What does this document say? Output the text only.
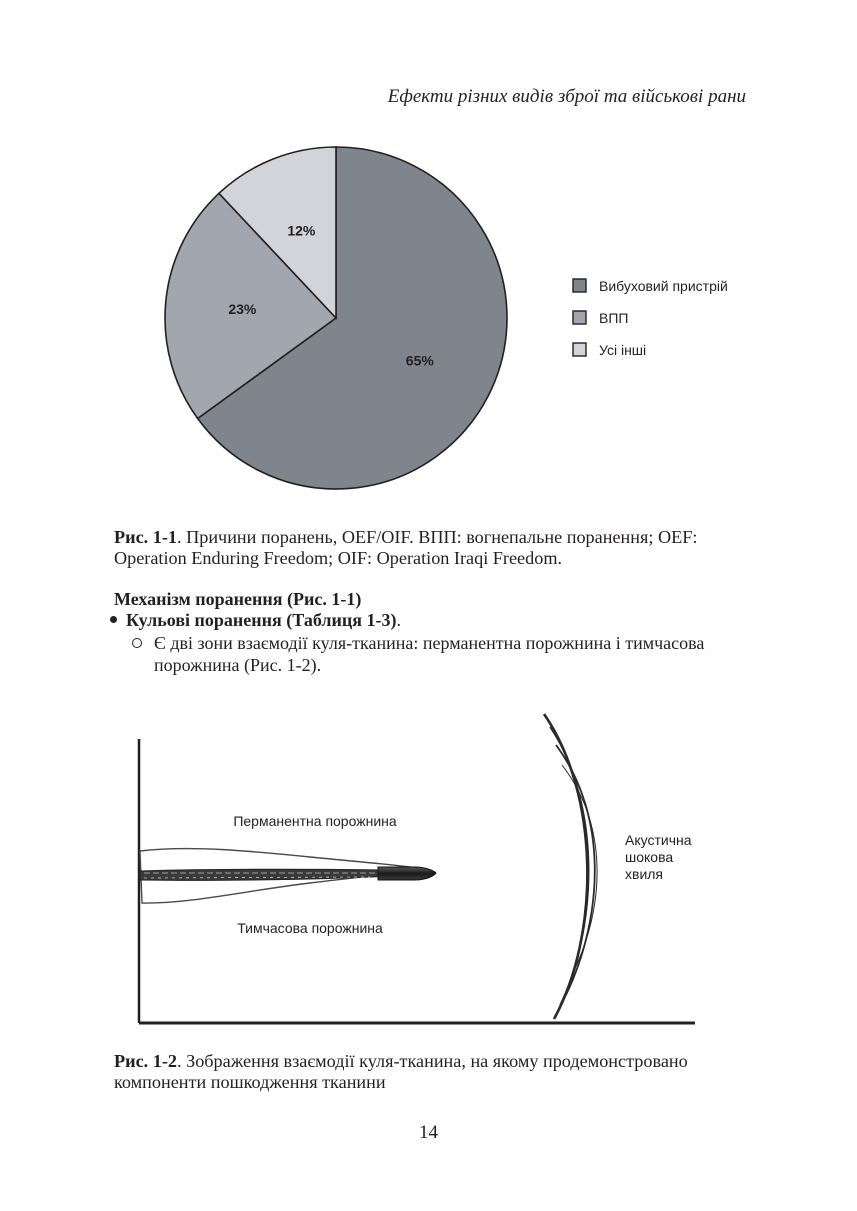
Ефекти різних видів зброї та військові рани
65%
23%
12%
Вибуховий пристрій
ВПП
Усі інші
Рис. 1-1. Причини поранень, OEF/OIF. ВПП: вогнепальне поранення; OEF: Operation Enduring Freedom; OIF: Operation Iraqi Freedom.
Механізм поранення (Рис. 1-1)
Кульові поранення (Таблиця 1-3).
Є дві зони взаємодії куля-тканина: перманентна порожнина і тимчасова порожнина (Рис. 1-2).
Перманентна порожнина
Тимчасова порожнина
Акустична
шокова
хвиля
Рис. 1-2. Зображення взаємодії куля-тканина, на якому продемонстровано компоненти пошкодження тканини
14
